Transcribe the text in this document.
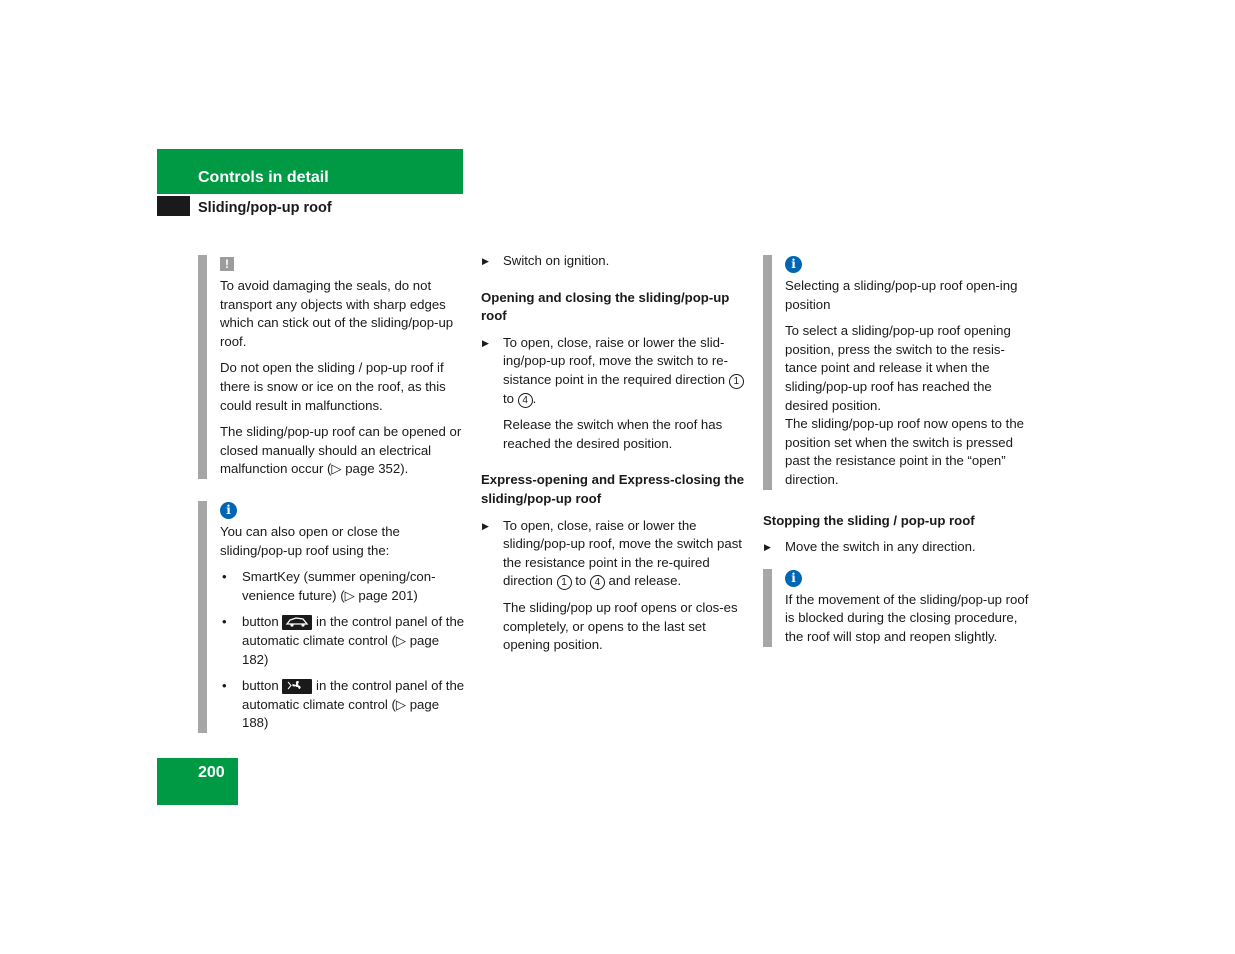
Controls in detail
Sliding/pop-up roof
!

To avoid damaging the seals, do not transport any objects with sharp edges which can stick out of the sliding/pop-up roof.

Do not open the sliding / pop-up roof if there is snow or ice on the roof, as this could result in malfunctions.

The sliding/pop-up roof can be opened or closed manually should an electrical malfunction occur (▷ page 352).

i

You can also open or close the sliding/pop-up roof using the:

• SmartKey (summer opening/con-venience future) (▷ page 201)
• button	in the control panel of the automatic climate control (▷ page 182)
• button	in the control panel of the automatic climate control (▷ page 188)

▶ Switch on ignition.

Opening and closing the sliding/pop-up roof

▶ To open, close, raise or lower the slid-ing/pop-up roof, move the switch to re-sistance point in the required direction 1 to 4 .

Release the switch when the roof has reached the desired position.

Express-opening and Express-closing the sliding/pop-up roof

▶ To open, close, raise or lower the sliding/pop-up roof, move the switch past the resistance point in the re-quired direction 1 to 4 and release.

The sliding/pop up roof opens or clos-es completely, or opens to the last set opening position.

i

Selecting a sliding/pop-up roof open-ing position

To select a sliding/pop-up roof opening position, press the switch to the resis-tance point and release it when the sliding/pop-up roof has reached the desired position.

The sliding/pop-up roof now opens to the position set when the switch is pressed past the resistance point in the “open” direction.

Stopping the sliding / pop-up roof

▶ Move the switch in any direction.

i

If the movement of the sliding/pop-up roof is blocked during the closing procedure, the roof will stop and reopen slightly.

200
